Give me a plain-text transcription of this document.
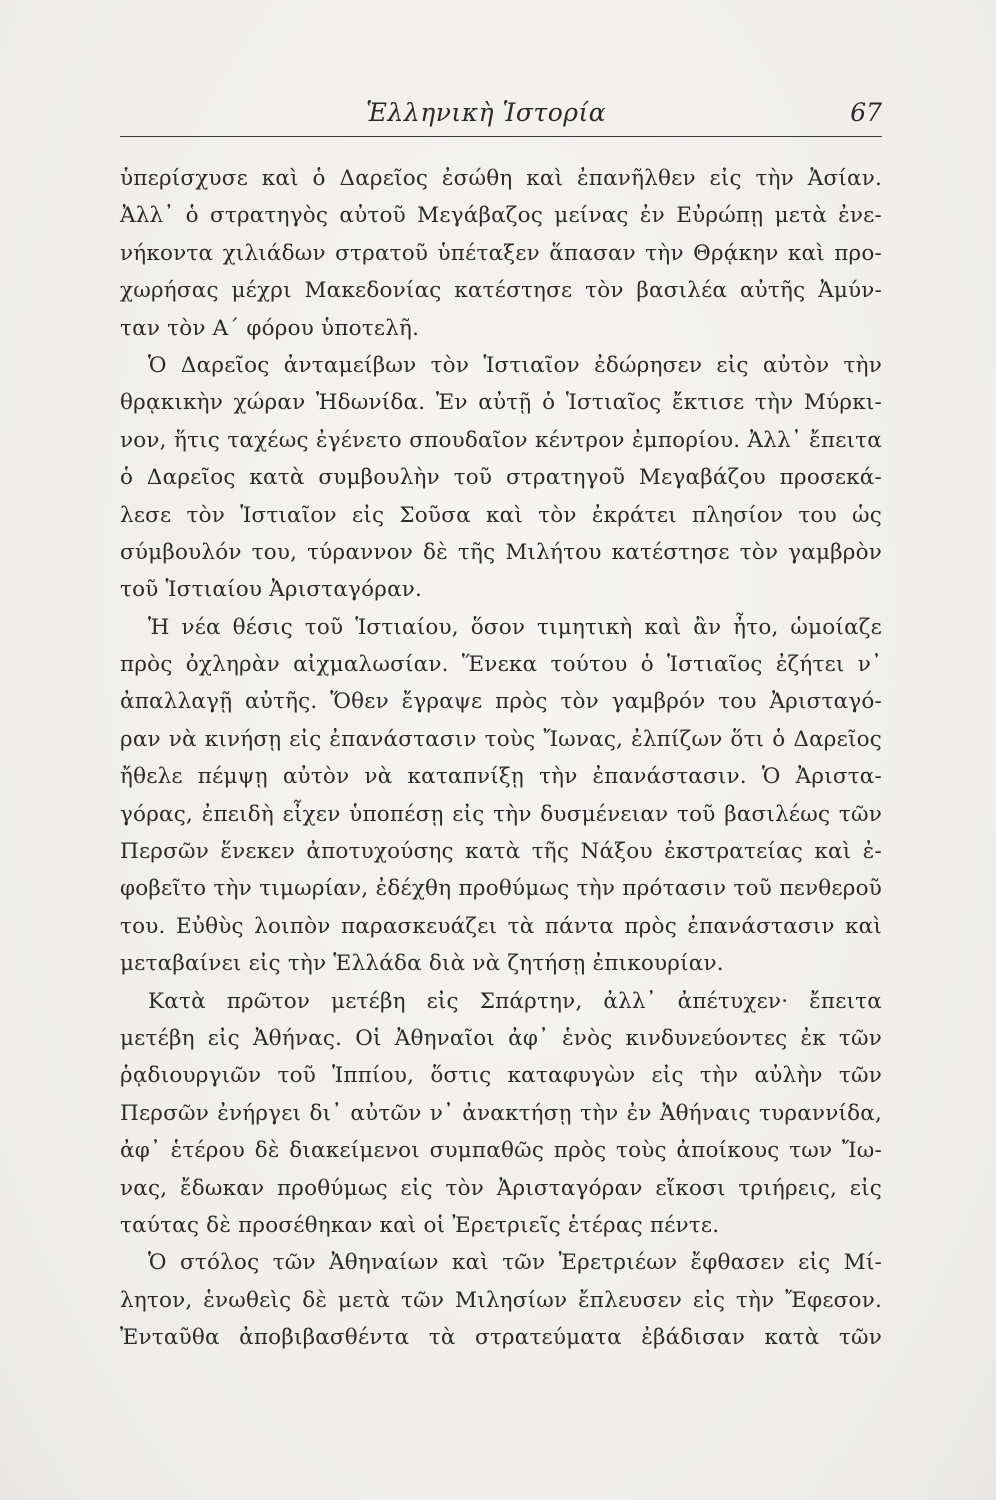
Ἑλληνικὴ Ἱστορία	67
ὑπερίσχυσε καὶ ὁ Δαρεῖος ἐσώθη καὶ ἐπανῆλθεν εἰς τὴν Ἀσίαν.
Ἀλλ᾽ ὁ στρατηγὸς αὐτοῦ Μεγάβαζος μείνας ἐν Εὐρώπῃ μετὰ ἐνε-
νήκοντα χιλιάδων στρατοῦ ὑπέταξεν ἅπασαν τὴν Θρᾴκην καὶ προ-
χωρήσας μέχρι Μακεδονίας κατέστησε τὸν βασιλέα αὐτῆς Ἀμύν-
ταν τὸν Α´ φόρου ὑποτελῆ.
Ὁ Δαρεῖος ἀνταμείβων τὸν Ἱστιαῖον ἐδώρησεν εἰς αὐτὸν τὴν
θρᾳκικὴν χώραν Ἠδωνίδα. Ἐν αὐτῇ ὁ Ἱστιαῖος ἔκτισε τὴν Μύρκι-
νον, ἥτις ταχέως ἐγένετο σπουδαῖον κέντρον ἐμπορίου. Ἀλλ᾽ ἔπειτα
ὁ Δαρεῖος κατὰ συμβουλὴν τοῦ στρατηγοῦ Μεγαβάζου προσεκά-
λεσε τὸν Ἱστιαῖον εἰς Σοῦσα καὶ τὸν ἐκράτει πλησίον του ὡς
σύμβουλόν του, τύραννον δὲ τῆς Μιλήτου κατέστησε τὸν γαμβρὸν
τοῦ Ἱστιαίου Ἀρισταγόραν.
Ἡ νέα θέσις τοῦ Ἱστιαίου, ὅσον τιμητικὴ καὶ ἂν ἦτο, ὡμοίαζε
πρὸς ὀχληρὰν αἰχμαλωσίαν. Ἕνεκα τούτου ὁ Ἱστιαῖος ἐζήτει ν᾽
ἀπαλλαγῇ αὐτῆς. Ὅθεν ἔγραψε πρὸς τὸν γαμβρόν του Ἀρισταγό-
ραν νὰ κινήσῃ εἰς ἐπανάστασιν τοὺς Ἴωνας, ἐλπίζων ὅτι ὁ Δαρεῖος
ἤθελε πέμψῃ αὐτὸν νὰ καταπνίξῃ τὴν ἐπανάστασιν. Ὁ Ἀριστα-
γόρας, ἐπειδὴ εἶχεν ὑποπέσῃ εἰς τὴν δυσμένειαν τοῦ βασιλέως τῶν
Περσῶν ἕνεκεν ἀποτυχούσης κατὰ τῆς Νάξου ἐκστρατείας καὶ ἐ-
φοβεῖτο τὴν τιμωρίαν, ἐδέχθη προθύμως τὴν πρότασιν τοῦ πενθεροῦ
του. Εὐθὺς λοιπὸν παρασκευάζει τὰ πάντα πρὸς ἐπανάστασιν καὶ
μεταβαίνει εἰς τὴν Ἑλλάδα διὰ νὰ ζητήσῃ ἐπικουρίαν.
Κατὰ πρῶτον μετέβη εἰς Σπάρτην, ἀλλ᾽ ἀπέτυχεν· ἔπειτα
μετέβη εἰς Ἀθήνας. Οἱ Ἀθηναῖοι ἀφ᾽ ἑνὸς κινδυνεύοντες ἐκ τῶν
ῥᾳδιουργιῶν τοῦ Ἱππίου, ὅστις καταφυγὼν εἰς τὴν αὐλὴν τῶν
Περσῶν ἐνήργει δι᾽ αὐτῶν ν᾽ ἀνακτήσῃ τὴν ἐν Ἀθήναις τυραννίδα,
ἀφ᾽ ἑτέρου δὲ διακείμενοι συμπαθῶς πρὸς τοὺς ἀποίκους των Ἴω-
νας, ἔδωκαν προθύμως εἰς τὸν Ἀρισταγόραν εἴκοσι τριήρεις, εἰς
ταύτας δὲ προσέθηκαν καὶ οἱ Ἐρετριεῖς ἑτέρας πέντε.
Ὁ στόλος τῶν Ἀθηναίων καὶ τῶν Ἐρετριέων ἔφθασεν εἰς Μί-
λητον, ἑνωθεὶς δὲ μετὰ τῶν Μιλησίων ἔπλευσεν εἰς τὴν Ἔφεσον.
Ἐνταῦθα ἀποβιβασθέντα τὰ στρατεύματα ἐβάδισαν κατὰ τῶν
